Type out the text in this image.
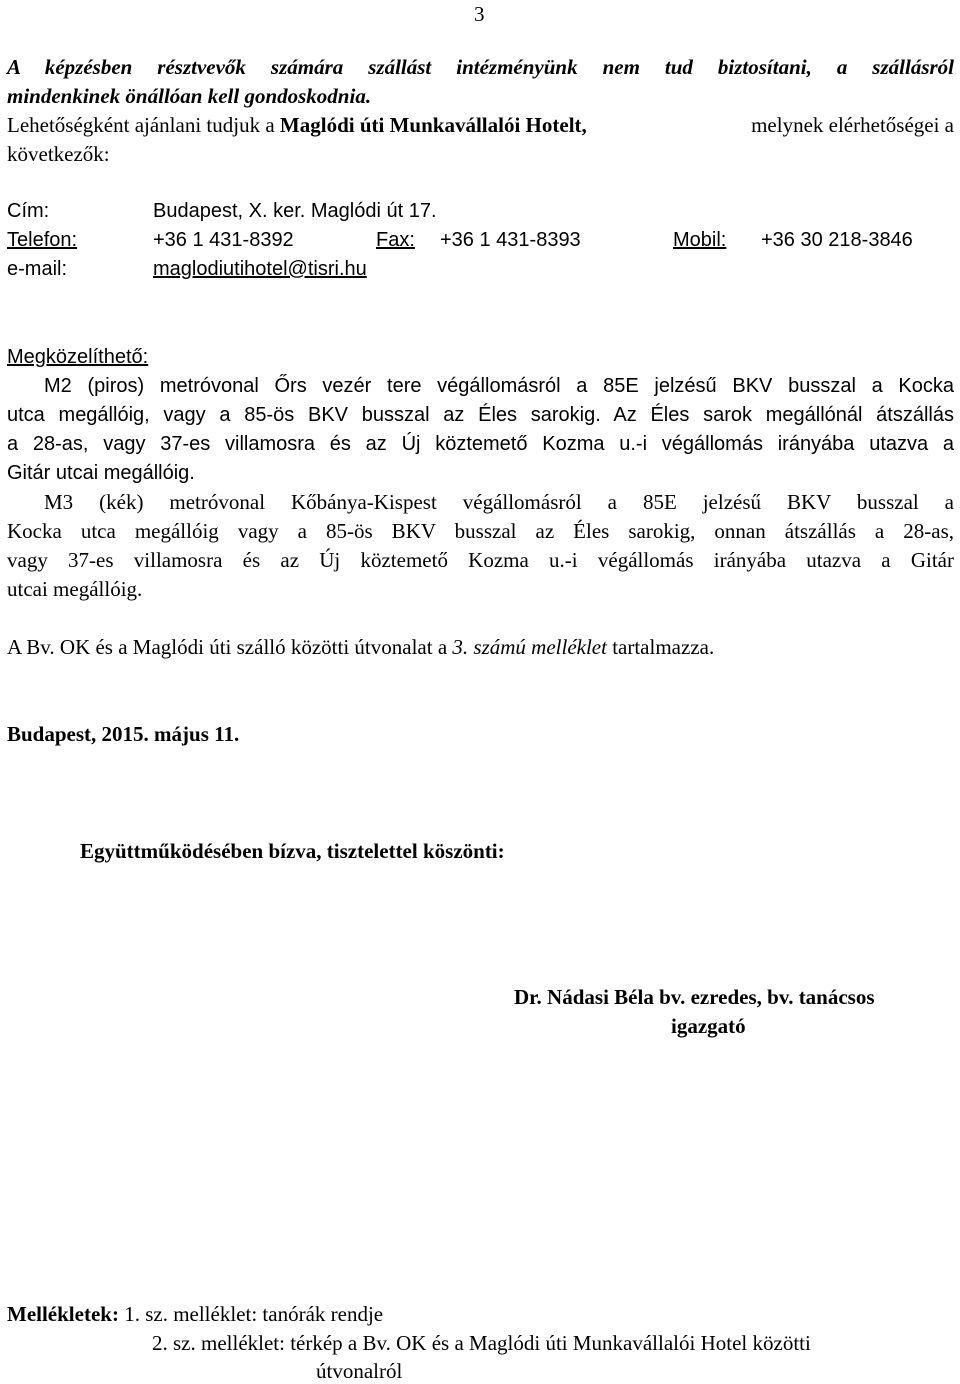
3
A képzésben résztvevők számára szállást intézményünk nem tud biztosítani, a szállásról
mindenkinek önállóan kell gondoskodnia.
Lehetőségként ajánlani tudjuk a Maglódi úti Munkavállalói Hotelt,	melynek elérhetőségei a
következők:
Cím:	Budapest, X. ker. Maglódi út 17.
Telefon:	+36 1 431-8392	Fax: +36 1 431-8393	Mobil: +36 30 218-3846
e-mail:	maglodiutihotel@tisri.hu
Megközelíthető:
M2 (piros) metróvonal Őrs vezér tere végállomásról a 85E jelzésű BKV busszal a Kocka
utca megállóig, vagy a 85-ös BKV busszal az Éles sarokig. Az Éles sarok megállónál átszállás
a 28-as, vagy 37-es villamosra és az Új köztemető Kozma u.-i végállomás irányába utazva a
Gitár utcai megállóig.
M3 (kék) metróvonal Kőbánya-Kispest végállomásról a 85E jelzésű BKV busszal a
Kocka utca megállóig vagy a 85-ös BKV busszal az Éles sarokig, onnan átszállás a 28-as,
vagy 37-es villamosra és az Új köztemető Kozma u.-i végállomás irányába utazva a Gitár
utcai megállóig.
A Bv. OK és a Maglódi úti szálló közötti útvonalat a 3. számú melléklet tartalmazza.
Budapest, 2015. május 11.
Együttműködésében bízva, tisztelettel köszönti:
Dr. Nádasi Béla bv. ezredes, bv. tanácsos
igazgató
Mellékletek: 1. sz. melléklet: tanórák rendje
2. sz. melléklet: térkép a Bv. OK és a Maglódi úti Munkavállalói Hotel közötti
útvonalról
